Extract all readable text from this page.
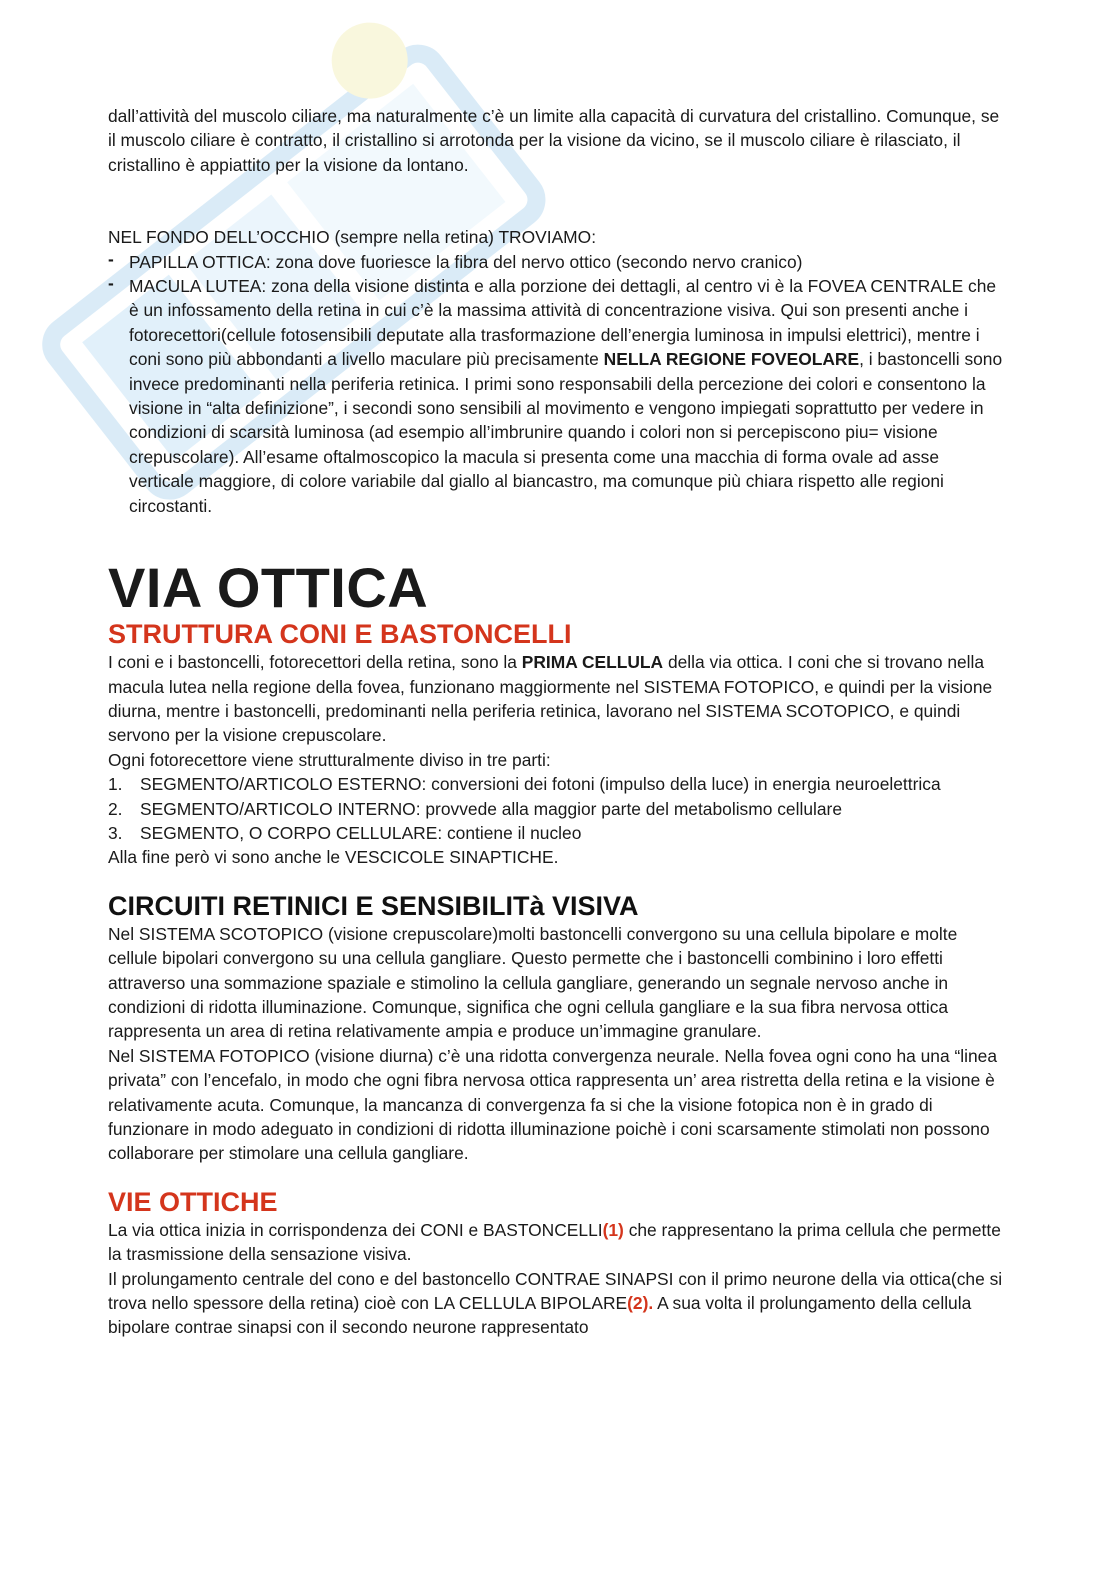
dall’attività del muscolo ciliare, ma naturalmente c’è un limite alla capacità di curvatura del cristallino. Comunque, se il muscolo ciliare è contratto, il cristallino si arrotonda per la visione da vicino, se il muscolo ciliare è rilasciato, il cristallino è appiattito per la visione da lontano.

NEL FONDO DELL’OCCHIO (sempre nella retina) TROVIAMO:

- PAPILLA OTTICA: zona dove fuoriesce la fibra del nervo ottico (secondo nervo cranico)
- MACULA LUTEA: zona della visione distinta e alla porzione dei dettagli, al centro vi è la FOVEA CENTRALE che è un infossamento della retina in cui c’è la massima attività di concentrazione visiva. Qui son presenti anche i fotorecettori(cellule fotosensibili deputate alla trasformazione dell’energia luminosa in impulsi elettrici), mentre i coni sono più abbondanti a livello maculare più precisamente NELLA REGIONE FOVEOLARE, i bastoncelli sono invece predominanti nella periferia retinica. I primi sono responsabili della percezione dei colori e consentono la visione in “alta definizione”, i secondi sono sensibili al movimento e vengono impiegati soprattutto per vedere in condizioni di scarsità luminosa (ad esempio all’imbrunire quando i colori non si percepiscono piu= visione crepuscolare). All’esame oftalmoscopico la macula si presenta come una macchia di forma ovale ad asse verticale maggiore, di colore variabile dal giallo al biancastro, ma comunque più chiara rispetto alle regioni circostanti.
VIA OTTICA
STRUTTURA CONI E BASTONCELLI

I coni e i bastoncelli, fotorecettori della retina, sono la PRIMA CELLULA della via ottica. I coni che si trovano nella macula lutea nella regione della fovea, funzionano maggiormente nel SISTEMA FOTOPICO, e quindi per la visione diurna, mentre i bastoncelli, predominanti nella periferia retinica, lavorano nel SISTEMA SCOTOPICO, e quindi servono per la visione crepuscolare.

Ogni fotorecettore viene strutturalmente diviso in tre parti:

1. SEGMENTO/ARTICOLO ESTERNO: conversioni dei fotoni (impulso della luce) in energia neuroelettrica
2. SEGMENTO/ARTICOLO INTERNO: provvede alla maggior parte del metabolismo cellulare
3. SEGMENTO, O CORPO CELLULARE: contiene il nucleo

Alla fine però vi sono anche le VESCICOLE SINAPTICHE.

CIRCUITI RETINICI E SENSIBILITà VISIVA

Nel SISTEMA SCOTOPICO (visione crepuscolare)molti bastoncelli convergono su una cellula bipolare e molte cellule bipolari convergono su una cellula gangliare. Questo permette che i bastoncelli combinino i loro effetti attraverso una sommazione spaziale e stimolino la cellula gangliare, generando un segnale nervoso anche in condizioni di ridotta illuminazione. Comunque, significa che ogni cellula gangliare e la sua fibra nervosa ottica rappresenta un area di retina relativamente ampia e produce un’immagine granulare.

Nel SISTEMA FOTOPICO (visione diurna) c’è una ridotta convergenza neurale. Nella fovea ogni cono ha una “linea privata” con l’encefalo, in modo che ogni fibra nervosa ottica rappresenta un’ area ristretta della retina e la visione è relativamente acuta. Comunque, la mancanza di convergenza fa si che la visione fotopica non è in grado di funzionare in modo adeguato in condizioni di ridotta illuminazione poichè i coni scarsamente stimolati non possono collaborare per stimolare una cellula gangliare.

VIE OTTICHE

La via ottica inizia in corrispondenza dei CONI e BASTONCELLI(1) che rappresentano la prima cellula che permette la trasmissione della sensazione visiva.

Il prolungamento centrale del cono e del bastoncello CONTRAE SINAPSI con il primo neurone della via ottica(che si trova nello spessore della retina) cioè con LA CELLULA BIPOLARE(2). A sua volta il prolungamento della cellula bipolare contrae sinapsi con il secondo neurone rappresentato
